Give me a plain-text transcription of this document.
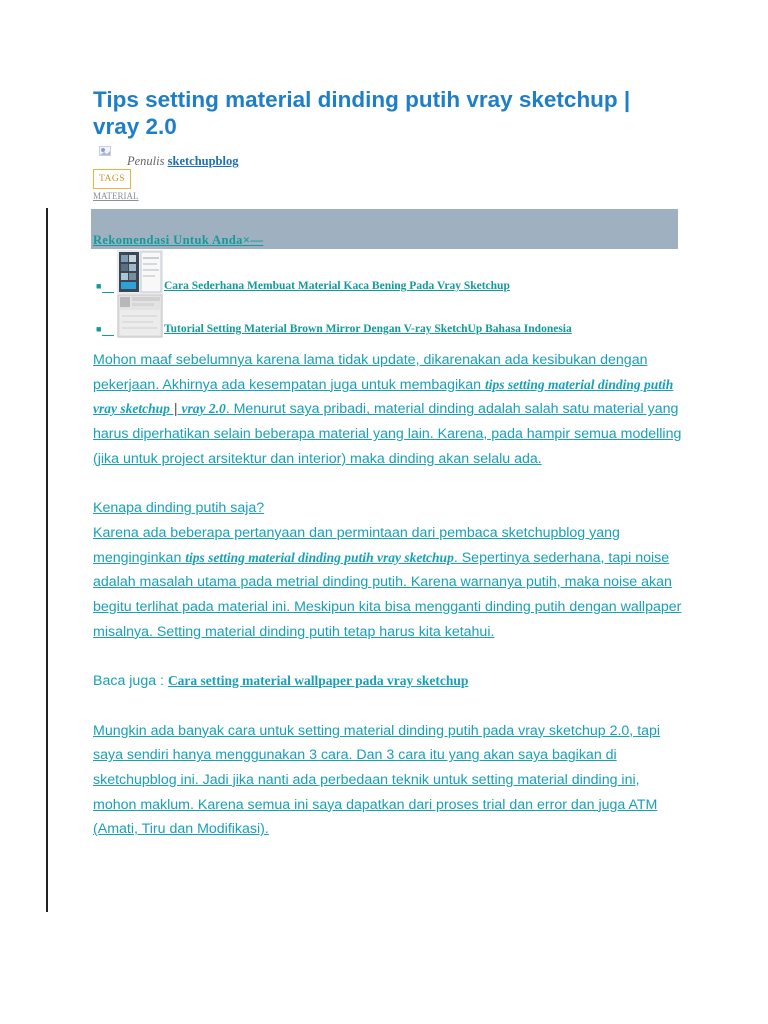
Tips setting material dinding putih vray sketchup | vray 2.0
Penulis sketchupblog
TAGS
MATERIAL
Rekomendasi Untuk Anda×—
■	Cara Sederhana Membuat Material Kaca Bening Pada Vray Sketchup
■	Tutorial Setting Material Brown Mirror Dengan V-ray SketchUp Bahasa Indonesia

Mohon maaf sebelumnya karena lama tidak update, dikarenakan ada kesibukan dengan pekerjaan. Akhirnya ada kesempatan juga untuk membagikan tips setting material dinding putih vray sketchup | vray 2.0. Menurut saya pribadi, material dinding adalah salah satu material yang harus diperhatikan selain beberapa material yang lain. Karena, pada hampir semua modelling (jika untuk project arsitektur dan interior) maka dinding akan selalu ada.

Kenapa dinding putih saja?

Karena ada beberapa pertanyaan dan permintaan dari pembaca sketchupblog yang menginginkan tips setting material dinding putih vray sketchup. Sepertinya sederhana, tapi noise adalah masalah utama pada metrial dinding putih. Karena warnanya putih, maka noise akan begitu terlihat pada material ini. Meskipun kita bisa mengganti dinding putih dengan wallpaper misalnya. Setting material dinding putih tetap harus kita ketahui.

Baca juga : Cara setting material wallpaper pada vray sketchup

Mungkin ada banyak cara untuk setting material dinding putih pada vray sketchup 2.0, tapi saya sendiri hanya menggunakan 3 cara. Dan 3 cara itu yang akan saya bagikan di sketchupblog ini. Jadi jika nanti ada perbedaan teknik untuk setting material dinding ini, mohon maklum. Karena semua ini saya dapatkan dari proses trial dan error dan juga ATM (Amati, Tiru dan Modifikasi).
